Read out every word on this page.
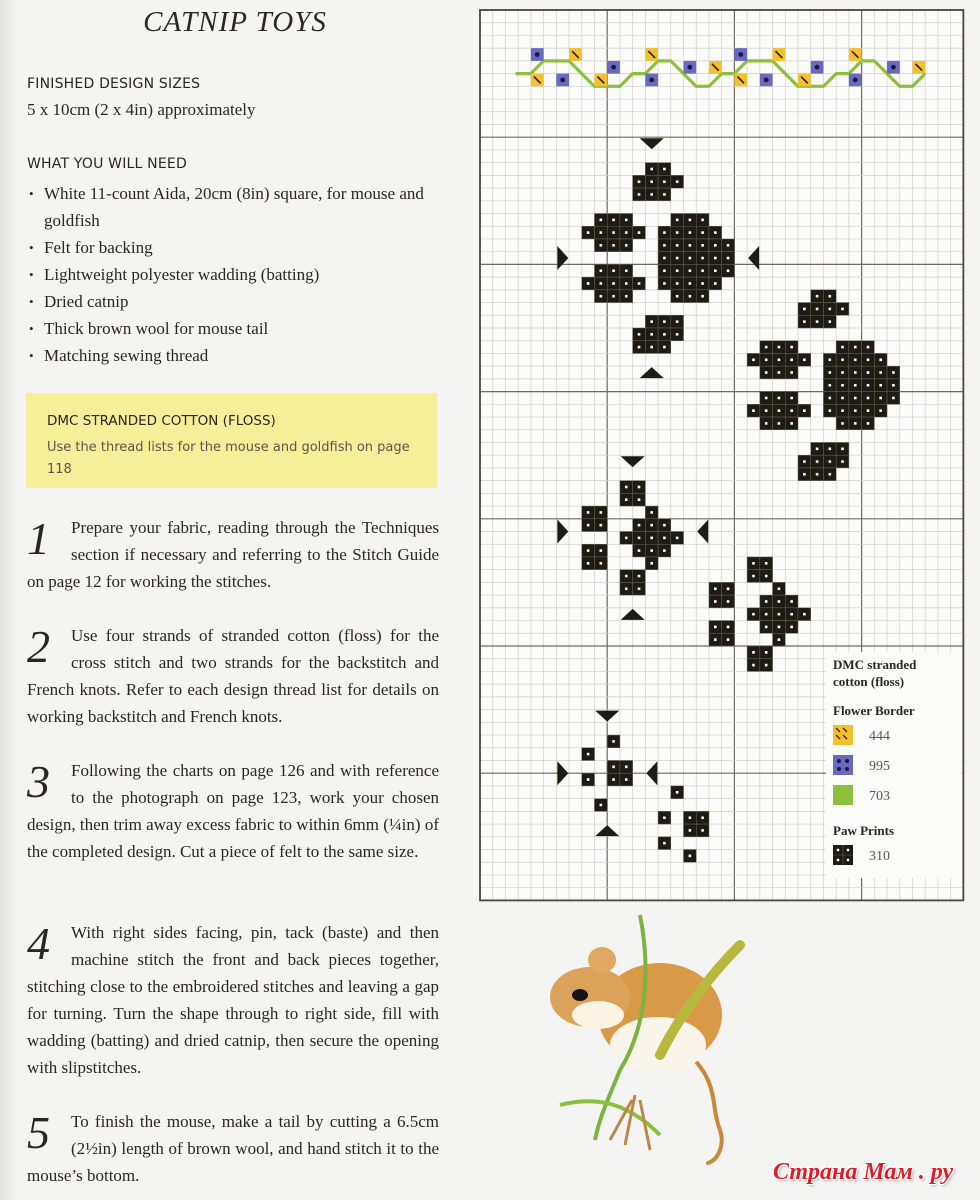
CATNIP TOYS
FINISHED DESIGN SIZES
5 x 10cm (2 x 4in) approximately
WHAT YOU WILL NEED
• White 11-count Aida, 20cm (8in) square, for mouse and goldfish
• Felt for backing
• Lightweight polyester wadding (batting)
• Dried catnip
• Thick brown wool for mouse tail
• Matching sewing thread
DMC STRANDED COTTON (FLOSS)
Use the thread lists for the mouse and goldfish on page 118
1	Prepare your fabric, reading through the Techniques section if necessary and referring to the Stitch Guide on page 12 for working the stitches.
2	Use four strands of stranded cotton (floss) for the cross stitch and two strands for the backstitch and French knots. Refer to each design thread list for details on working backstitch and French knots.
3	Following the charts on page 126 and with reference to the photograph on page 123, work your chosen design, then trim away excess fabric to within 6mm (¼in) of the completed design. Cut a piece of felt to the same size.
4	With right sides facing, pin, tack (baste) and then machine stitch the front and back pieces together, stitching close to the embroidered stitches and leaving a gap for turning. Turn the shape through to right side, fill with wadding (batting) and dried catnip, then secure the opening with slipstitches.
5	To finish the mouse, make a tail by cutting a 6.5cm (2½in) length of brown wool, and hand stitch it to the mouse’s bottom.
DMC stranded
cotton (floss)
Flower Border
444
995
703
Paw Prints
310
Страна Мам . ру
